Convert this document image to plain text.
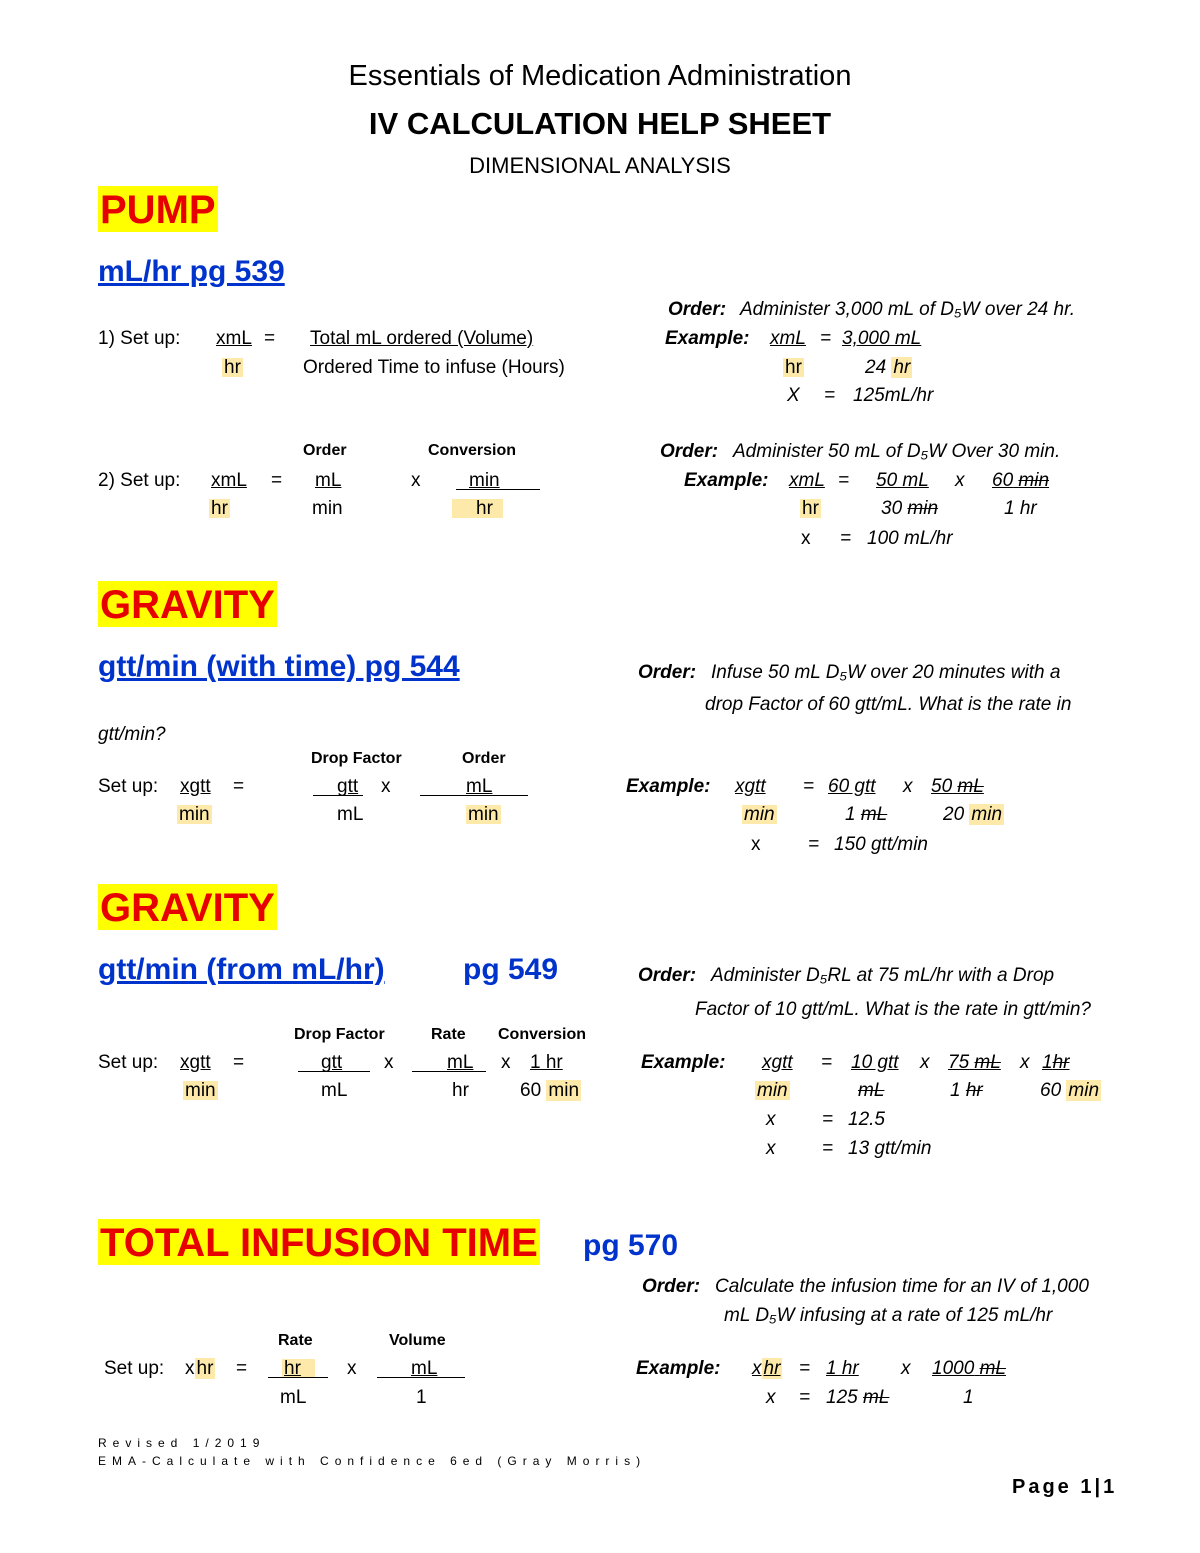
Essentials of Medication Administration
IV CALCULATION HELP SHEET
DIMENSIONAL ANALYSIS
PUMP
mL/hr pg 539
1) Set up: xmL = Total mL ordered (Volume)
hr	Ordered Time to infuse (Hours)
Order: Administer 3,000 mL of D₅W over 24 hr.
Example: xmL = 3,000 mL
hr	24 hr
X = 125mL/hr
Order	Conversion
2) Set up: xmL = mL	x	min
hr	min	hr
Order: Administer 50 mL of D₅W Over 30 min.
Example: xmL = 50 mL x 60 min
hr	30 min	1 hr
x = 100 mL/hr
GRAVITY
gtt/min (with time) pg 544	Order: Infuse 50 mL D₅W over 20 minutes with a
drop Factor of 60 gtt/mL. What is the rate in
gtt/min?
Drop Factor	Order
Set up: xgtt =	gtt x	mL
min	mL	min
Example: xgtt = 60 gtt x 50 mL
min	1 mL	20 min
x	= 150 gtt/min
GRAVITY
gtt/min (from mL/hr)	pg 549	Order: Administer D₅RL at 75 mL/hr with a Drop
Factor of 10 gtt/mL. What is the rate in gtt/min?
Drop Factor	Rate Conversion
Set up: xgtt =	gtt x	mL x 1 hr
min	mL	hr	60 min
Example: xgtt = 10 gtt x 75 mL x 1hr
min	mL	1 hr	60 min
x = 12.5
x = 13 gtt/min
TOTAL INFUSION TIME pg 570
Order: Calculate the infusion time for an IV of 1,000
mL D₅W infusing at a rate of 125 mL/hr
Rate	Volume
Set up: x hr = hr	x	mL
mL	1
Example: x hr = 1 hr x 1000 mL
x = 125 mL	1
Revised 1/2019
EMA-Calculate with Confidence 6ed (Gray Morris)
Page 1|1
